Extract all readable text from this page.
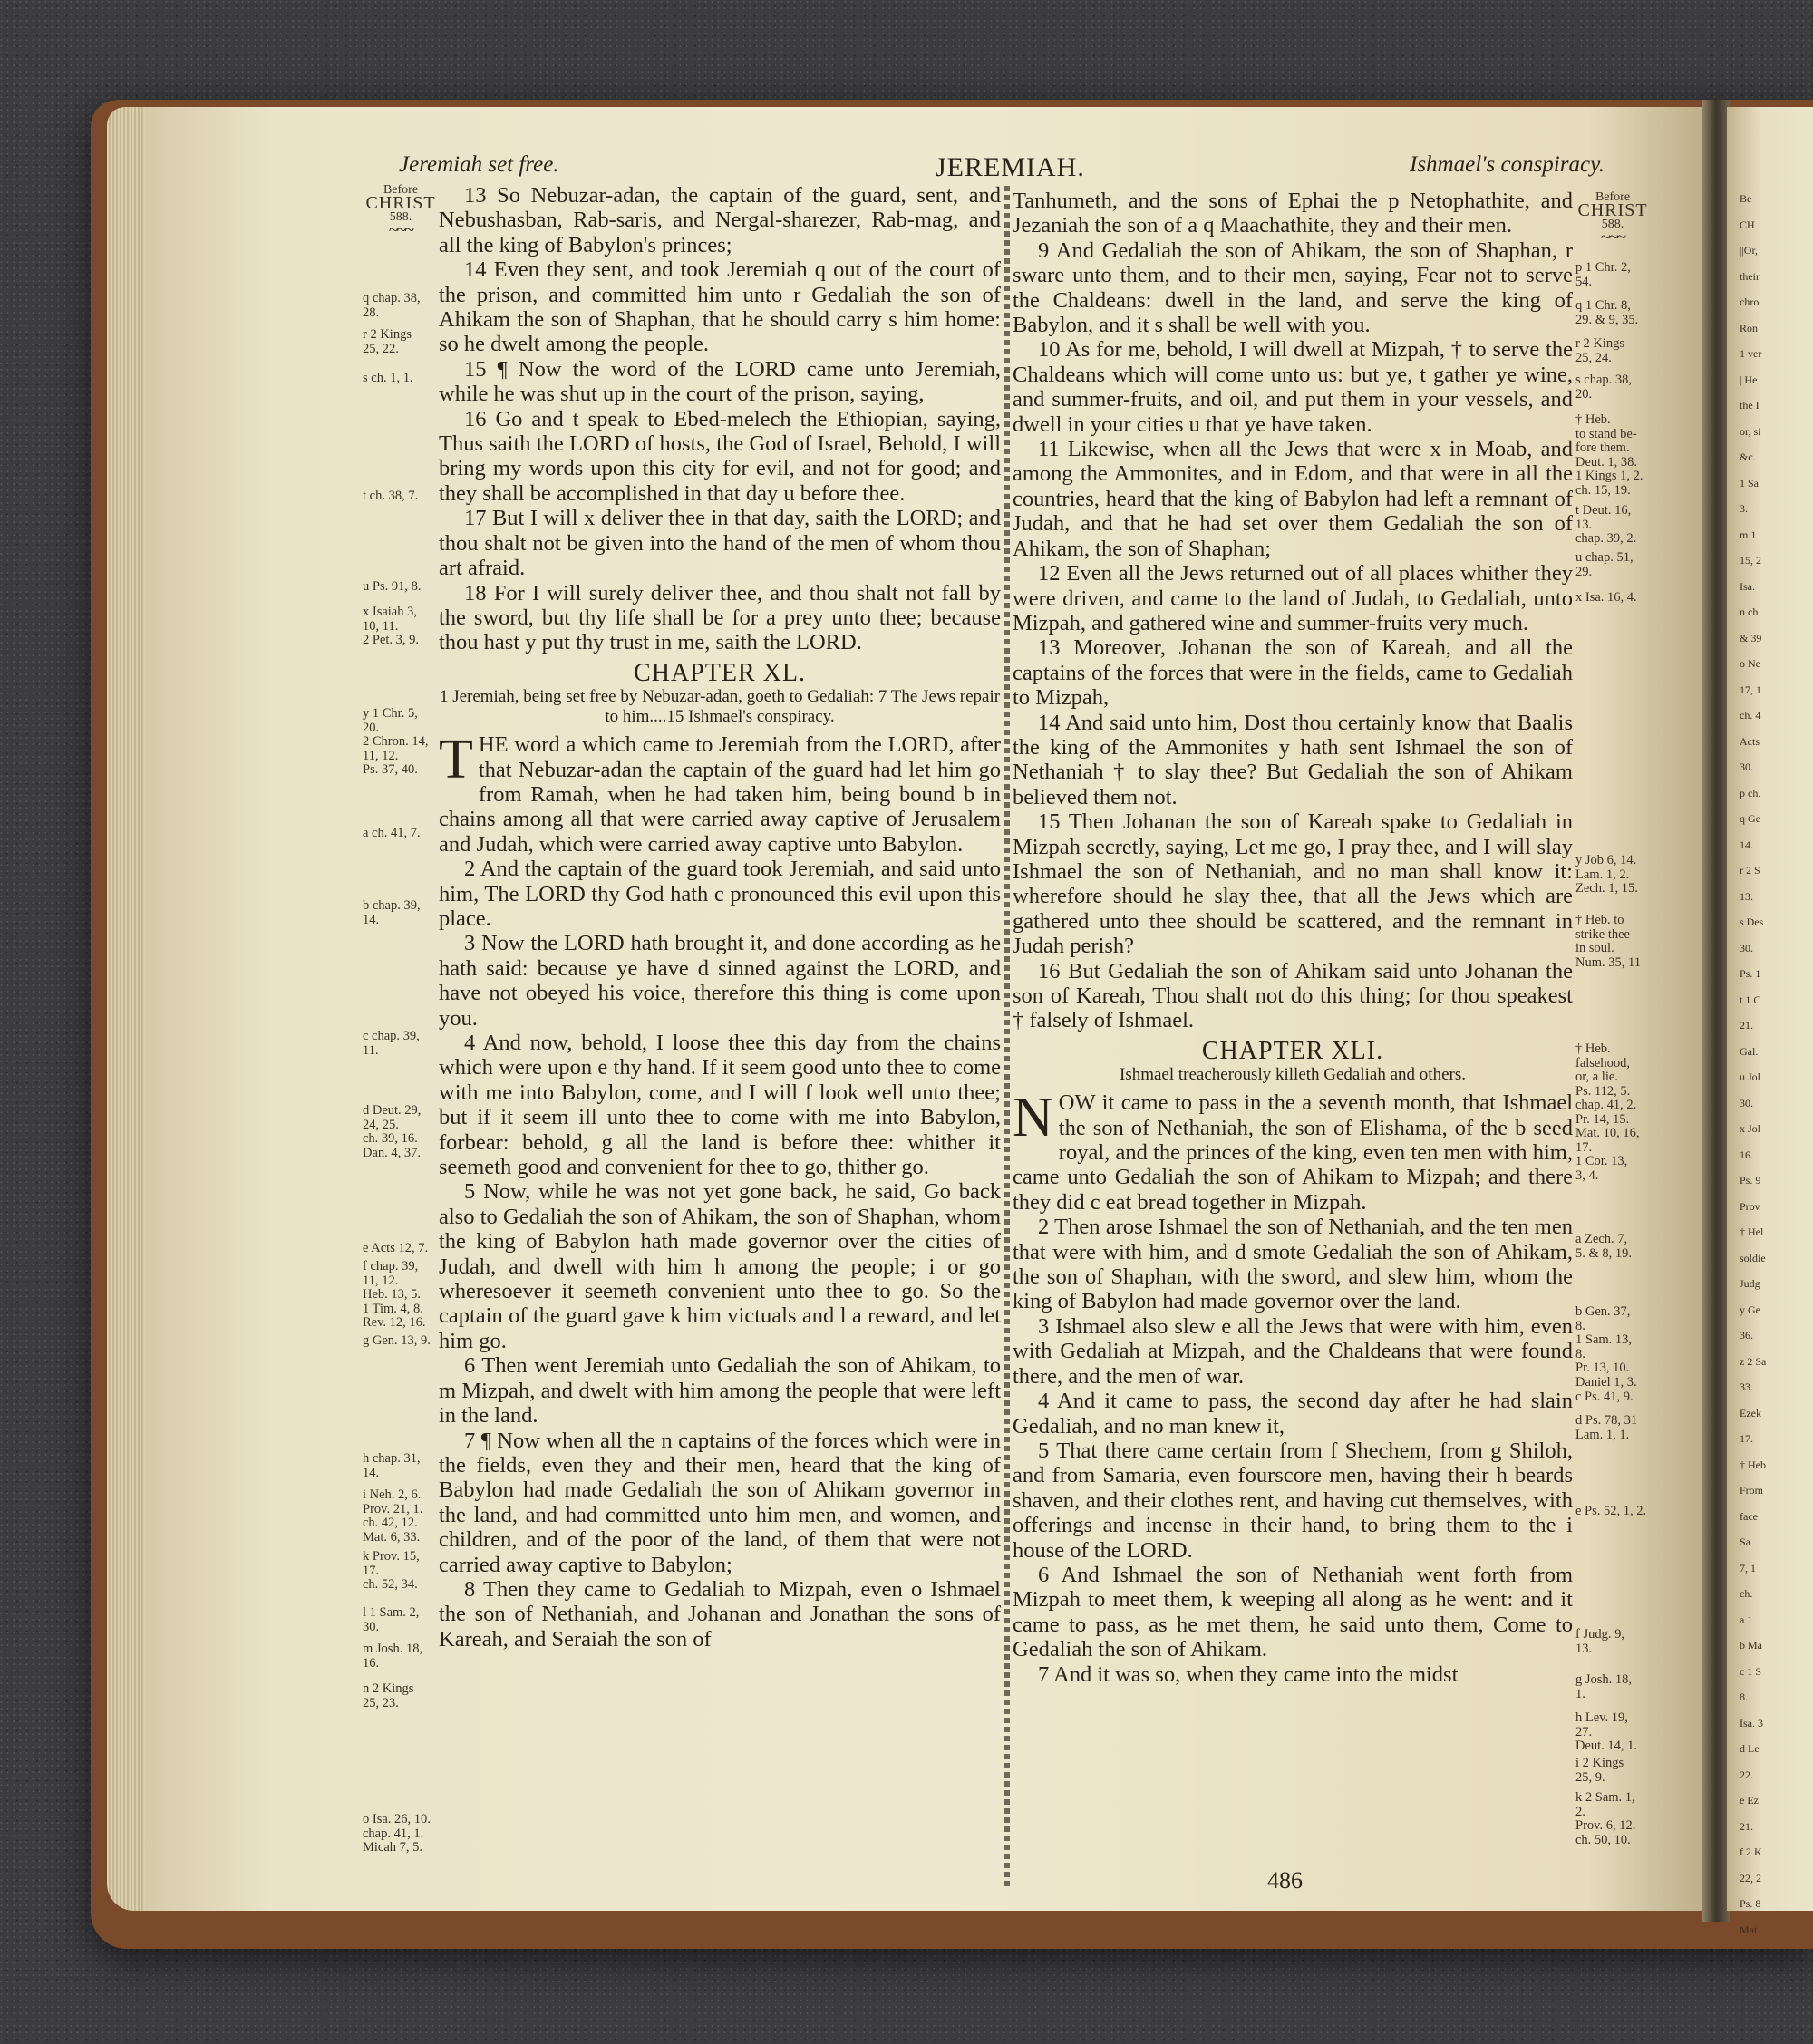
Be
CH
||Or,
their
chro
Ron
1 ver
| He
the I
or, si
&c.
1 Sa
3.
m 1
15, 2
Isa.
n ch
& 39
o Ne
17, 1
ch. 4
Acts
30.
p ch.
q Ge
14.
r 2 S
13.
s Des
30.
Ps. 1
t 1 C
21.
Gal.
u Jol
30.
x Jol
16.
Ps. 9
Prov
† Hel
soldie
Judg
y Ge
36.
z 2 Sa
33.
Ezek
17.
† Heb
From
face
Sa
7, 1
ch.
a 1
b Ma
c 1 S
8.
Isa. 3
d Le
22.
e Ez
21.
f 2 K
22, 2
Ps. 8
Mat.
Jeremiah set free.	JEREMIAH.	Ishmael's conspiracy.
Before
CHRIST
588.
~~~
Before
CHRIST
588.
~~~
q chap. 38,
28.
r 2 Kings
25, 22.
s ch. 1, 1.
t ch. 38, 7.
u Ps. 91, 8.
x Isaiah 3,
10, 11.
2 Pet. 3, 9.
y 1 Chr. 5,
20.
2 Chron. 14,
11, 12.
Ps. 37, 40.
a ch. 41, 7.
b chap. 39,
14.
c chap. 39,
11.
d Deut. 29,
24, 25.
ch. 39, 16.
Dan. 4, 37.
e Acts 12, 7.
f chap. 39,
11, 12.
Heb. 13, 5.
1 Tim. 4, 8.
Rev. 12, 16.
g Gen. 13, 9.
h chap. 31,
14.
i Neh. 2, 6.
Prov. 21, 1.
ch. 42, 12.
Mat. 6, 33.
k Prov. 15,
17.
ch. 52, 34.
l 1 Sam. 2,
30.
m Josh. 18,
16.
n 2 Kings
25, 23.
o Isa. 26, 10.
chap. 41, 1.
Micah 7, 5.
p 1 Chr. 2,
54.
q 1 Chr. 8,
29. & 9, 35.
r 2 Kings
25, 24.
s chap. 38,
20.
† Heb.
to stand be-
fore them.
Deut. 1, 38.
1 Kings 1, 2.
ch. 15, 19.
t Deut. 16,
13.
chap. 39, 2.
u chap. 51,
29.
x Isa. 16, 4.
y Job 6, 14.
Lam. 1, 2.
Zech. 1, 15.
† Heb. to
strike thee
in soul.
Num. 35, 11
† Heb.
falsehood,
or, a lie.
Ps. 112, 5.
chap. 41, 2.
Pr. 14, 15.
Mat. 10, 16,
17.
1 Cor. 13,
3, 4.
a Zech. 7,
5. & 8, 19.
b Gen. 37,
8.
1 Sam. 13,
8.
Pr. 13, 10.
Daniel 1, 3.
c Ps. 41, 9.
d Ps. 78, 31
Lam. 1, 1.
e Ps. 52, 1, 2.
f Judg. 9,
13.
g Josh. 18,
1.
h Lev. 19,
27.
Deut. 14, 1.
i 2 Kings
25, 9.
k 2 Sam. 1,
2.
Prov. 6, 12.
ch. 50, 10.

13 So Nebuzar-adan, the captain of the guard, sent, and Nebushasban, Rab-saris, and Nergal-sharezer, Rab-mag, and all the king of Babylon's princes;

14 Even they sent, and took Jeremiah q out of the court of the prison, and committed him unto r Gedaliah the son of Ahikam the son of Shaphan, that he should carry s him home: so he dwelt among the people.

15 ¶ Now the word of the LORD came unto Jeremiah, while he was shut up in the court of the prison, saying,

16 Go and t speak to Ebed-melech the Ethiopian, saying, Thus saith the LORD of hosts, the God of Israel, Behold, I will bring my words upon this city for evil, and not for good; and they shall be accomplished in that day u before thee.

17 But I will x deliver thee in that day, saith the LORD; and thou shalt not be given into the hand of the men of whom thou art afraid.

18 For I will surely deliver thee, and thou shalt not fall by the sword, but thy life shall be for a prey unto thee; because thou hast y put thy trust in me, saith the LORD.

CHAPTER XL.
1 Jeremiah, being set free by Nebuzar-adan, goeth to Gedaliah: 7 The Jews repair to him....15 Ishmael's conspiracy.
T HE word a which came to Jeremiah from the LORD, after that Nebuzar-adan the captain of the guard had let him go from Ramah, when he had taken him, being bound b in chains among all that were carried away captive of Jerusalem and Judah, which were carried away captive unto Babylon.

2 And the captain of the guard took Jeremiah, and said unto him, The LORD thy God hath c pronounced this evil upon this place.

3 Now the LORD hath brought it, and done according as he hath said: because ye have d sinned against the LORD, and have not obeyed his voice, therefore this thing is come upon you.

4 And now, behold, I loose thee this day from the chains which were upon e thy hand. If it seem good unto thee to come with me into Babylon, come, and I will f look well unto thee; but if it seem ill unto thee to come with me into Babylon, forbear: behold, g all the land is before thee: whither it seemeth good and convenient for thee to go, thither go.

5 Now, while he was not yet gone back, he said, Go back also to Gedaliah the son of Ahikam, the son of Shaphan, whom the king of Babylon hath made governor over the cities of Judah, and dwell with him h among the people; i or go wheresoever it seemeth convenient unto thee to go. So the captain of the guard gave k him victuals and l a reward, and let him go.

6 Then went Jeremiah unto Gedaliah the son of Ahikam, to m Mizpah, and dwelt with him among the people that were left in the land.

7 ¶ Now when all the n captains of the forces which were in the fields, even they and their men, heard that the king of Babylon had made Gedaliah the son of Ahikam governor in the land, and had committed unto him men, and women, and children, and of the poor of the land, of them that were not carried away captive to Babylon;

8 Then they came to Gedaliah to Mizpah, even o Ishmael the son of Nethaniah, and Johanan and Jonathan the sons of Kareah, and Seraiah the son of

Tanhumeth, and the sons of Ephai the p Netophathite, and Jezaniah the son of a q Maachathite, they and their men.

9 And Gedaliah the son of Ahikam, the son of Shaphan, r sware unto them, and to their men, saying, Fear not to serve the Chaldeans: dwell in the land, and serve the king of Babylon, and it s shall be well with you.

10 As for me, behold, I will dwell at Mizpah, † to serve the Chaldeans which will come unto us: but ye, t gather ye wine, and summer-fruits, and oil, and put them in your vessels, and dwell in your cities u that ye have taken.

11 Likewise, when all the Jews that were x in Moab, and among the Ammonites, and in Edom, and that were in all the countries, heard that the king of Babylon had left a remnant of Judah, and that he had set over them Gedaliah the son of Ahikam, the son of Shaphan;

12 Even all the Jews returned out of all places whither they were driven, and came to the land of Judah, to Gedaliah, unto Mizpah, and gathered wine and summer-fruits very much.

13 Moreover, Johanan the son of Kareah, and all the captains of the forces that were in the fields, came to Gedaliah to Mizpah,

14 And said unto him, Dost thou certainly know that Baalis the king of the Ammonites y hath sent Ishmael the son of Nethaniah † to slay thee? But Gedaliah the son of Ahikam believed them not.

15 Then Johanan the son of Kareah spake to Gedaliah in Mizpah secretly, saying, Let me go, I pray thee, and I will slay Ishmael the son of Nethaniah, and no man shall know it: wherefore should he slay thee, that all the Jews which are gathered unto thee should be scattered, and the remnant in Judah perish?

16 But Gedaliah the son of Ahikam said unto Johanan the son of Kareah, Thou shalt not do this thing; for thou speakest † falsely of Ishmael.

CHAPTER XLI.
Ishmael treacherously killeth Gedaliah and others.
N OW it came to pass in the a seventh month, that Ishmael the son of Nethaniah, the son of Elishama, of the b seed royal, and the princes of the king, even ten men with him, came unto Gedaliah the son of Ahikam to Mizpah; and there they did c eat bread together in Mizpah.

2 Then arose Ishmael the son of Nethaniah, and the ten men that were with him, and d smote Gedaliah the son of Ahikam, the son of Shaphan, with the sword, and slew him, whom the king of Babylon had made governor over the land.

3 Ishmael also slew e all the Jews that were with him, even with Gedaliah at Mizpah, and the Chaldeans that were found there, and the men of war.

4 And it came to pass, the second day after he had slain Gedaliah, and no man knew it,

5 That there came certain from f Shechem, from g Shiloh, and from Samaria, even fourscore men, having their h beards shaven, and their clothes rent, and having cut themselves, with offerings and incense in their hand, to bring them to the i house of the LORD.

6 And Ishmael the son of Nethaniah went forth from Mizpah to meet them, k weeping all along as he went: and it came to pass, as he met them, he said unto them, Come to Gedaliah the son of Ahikam.

7 And it was so, when they came into the midst

486
